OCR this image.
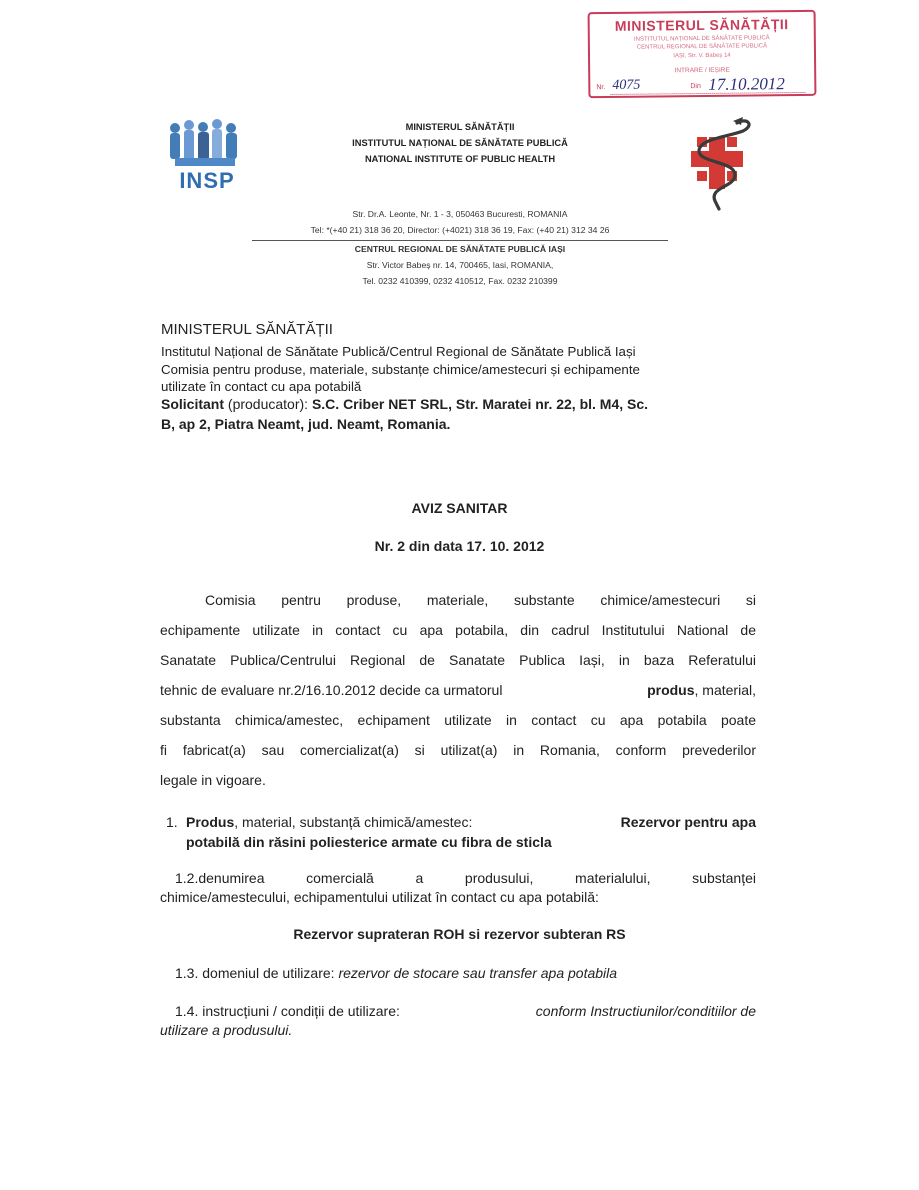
MINISTERUL SĂNĂTĂȚII
INSTITUTUL NAȚIONAL DE SĂNĂTATE PUBLICĂ
CENTRUL REGIONAL DE SĂNĂTATE PUBLICĂ
IAȘI, Str. V. Babeș 14
INTRARE / IEȘIRE
Nr. 4075	Din 17.10.2012
INSP
MINISTERUL SĂNĂTĂȚII
INSTITUTUL NAȚIONAL DE SĂNĂTATE PUBLICĂ
NATIONAL INSTITUTE OF PUBLIC HEALTH
Str. Dr.A. Leonte, Nr. 1 - 3, 050463 Bucuresti, ROMANIA
Tel: *(+40 21) 318 36 20, Director: (+4021) 318 36 19, Fax: (+40 21) 312 34 26
CENTRUL REGIONAL DE SĂNĂTATE PUBLICĂ IAȘI
Str. Victor Babeș nr. 14, 700465, Iasi, ROMANIA,
Tel. 0232 410399, 0232 410512, Fax. 0232 210399
MINISTERUL SĂNĂTĂȚII
Institutul Național de Sănătate Publică/Centrul Regional de Sănătate Publică Iași
Comisia pentru produse, materiale, substanțe chimice/amestecuri și echipamente
utilizate în contact cu apa potabilă
Solicitant (producator): S.C. Criber NET SRL, Str. Maratei nr. 22, bl. M4, Sc.
B, ap 2, Piatra Neamt, jud. Neamt, Romania.
AVIZ SANITAR
Nr. 2 din data 17. 10. 2012
Comisia pentru produse, materiale, substante chimice/amestecuri si
echipamente utilizate in contact cu apa potabila, din cadrul Institutului National de
Sanatate Publica/Centrului Regional de Sanatate Publica Iași, in baza Referatului
tehnic de evaluare nr.2/16.10.2012 decide ca urmatorul	produs, material,
substanta chimica/amestec, echipament utilizate in contact cu apa potabila poate
fi fabricat(a) sau comercializat(a) si utilizat(a) in Romania, conform prevederilor
legale in vigoare.
1. Produs, material, substanță chimică/amestec:	Rezervor pentru apa
potabilă din răsini poliesterice armate cu fibra de sticla
1.2.denumirea comercială a produsului, materialului, substanței
chimice/amestecului, echipamentului utilizat în contact cu apa potabilă:
Rezervor suprateran ROH si rezervor subteran RS
1.3. domeniul de utilizare: rezervor de stocare sau transfer apa potabila
1.4. instrucțiuni / condiții de utilizare:	conform Instructiunilor/conditiilor de
utilizare a produsului.
